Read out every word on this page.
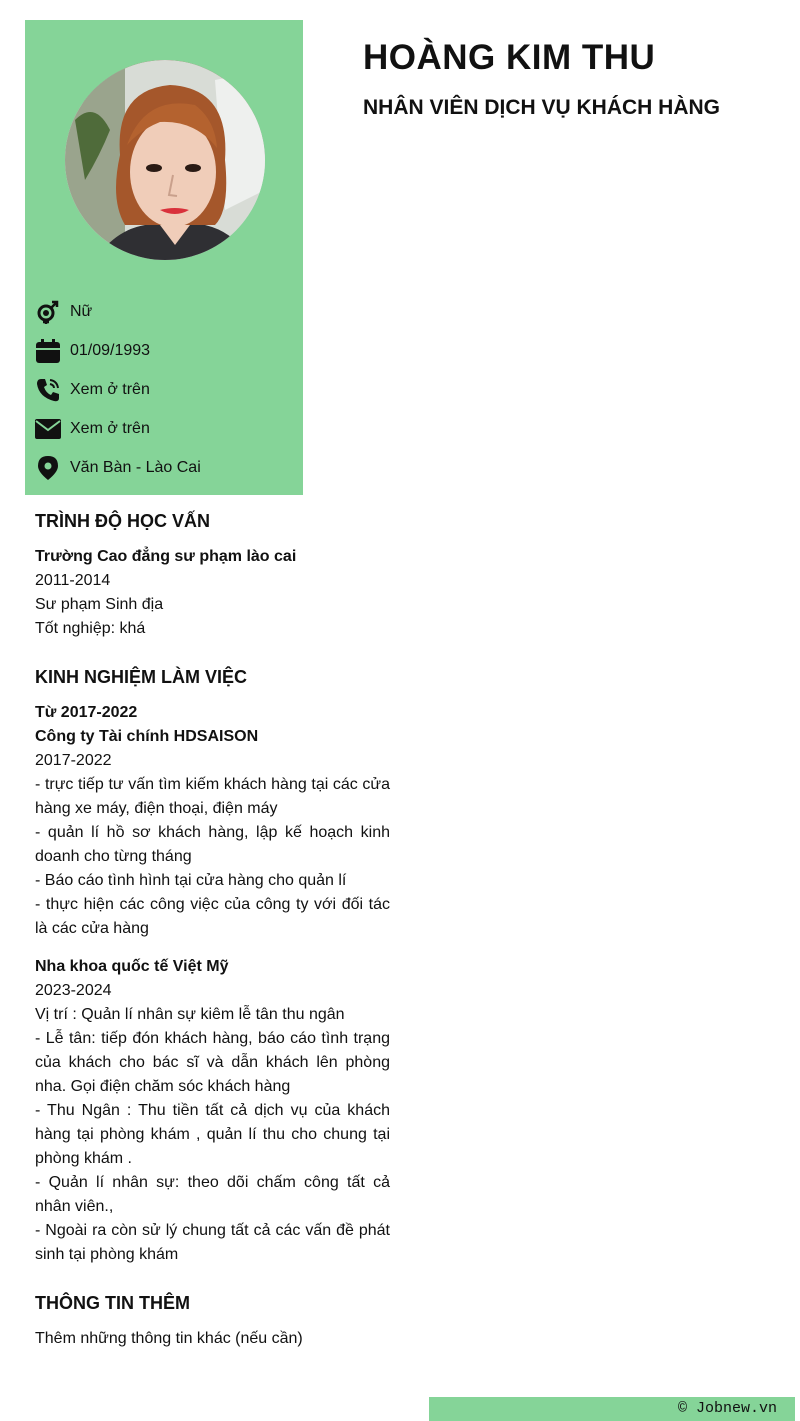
Nữ
01/09/1993
Xem ở trên
Xem ở trên
Văn Bàn - Lào Cai
HOÀNG KIM THU
NHÂN VIÊN DỊCH VỤ KHÁCH HÀNG
TRÌNH ĐỘ HỌC VẤN

Trường Cao đẳng sư phạm lào cai

2011-2014

Sư phạm Sinh địa

Tốt nghiệp: khá

KINH NGHIỆM LÀM VIỆC

Từ 2017-2022

Công ty Tài chính HDSAISON

2017-2022

- trực tiếp tư vấn tìm kiếm khách hàng tại các cửa hàng xe máy, điện thoại, điện máy

- quản lí hồ sơ khách hàng, lập kế hoạch kinh doanh cho từng tháng

- Báo cáo tình hình tại cửa hàng cho quản lí

- thực hiện các công việc của công ty với đối tác là các cửa hàng

Nha khoa quốc tế Việt Mỹ

2023-2024

Vị trí : Quản lí nhân sự kiêm lễ tân thu ngân

- Lễ tân: tiếp đón khách hàng, báo cáo tình trạng của khách cho bác sĩ và dẫn khách lên phòng nha. Gọi điện chăm sóc khách hàng

- Thu Ngân : Thu tiền tất cả dịch vụ của khách hàng tại phòng khám , quản lí thu cho chung tại phòng khám .

- Quản lí nhân sự: theo dõi chấm công tất cả nhân viên.,

- Ngoài ra còn sử lý chung tất cả các vấn đề phát sinh tại phòng khám

THÔNG TIN THÊM

Thêm những thông tin khác (nếu cần)

© Jobnew.vn
